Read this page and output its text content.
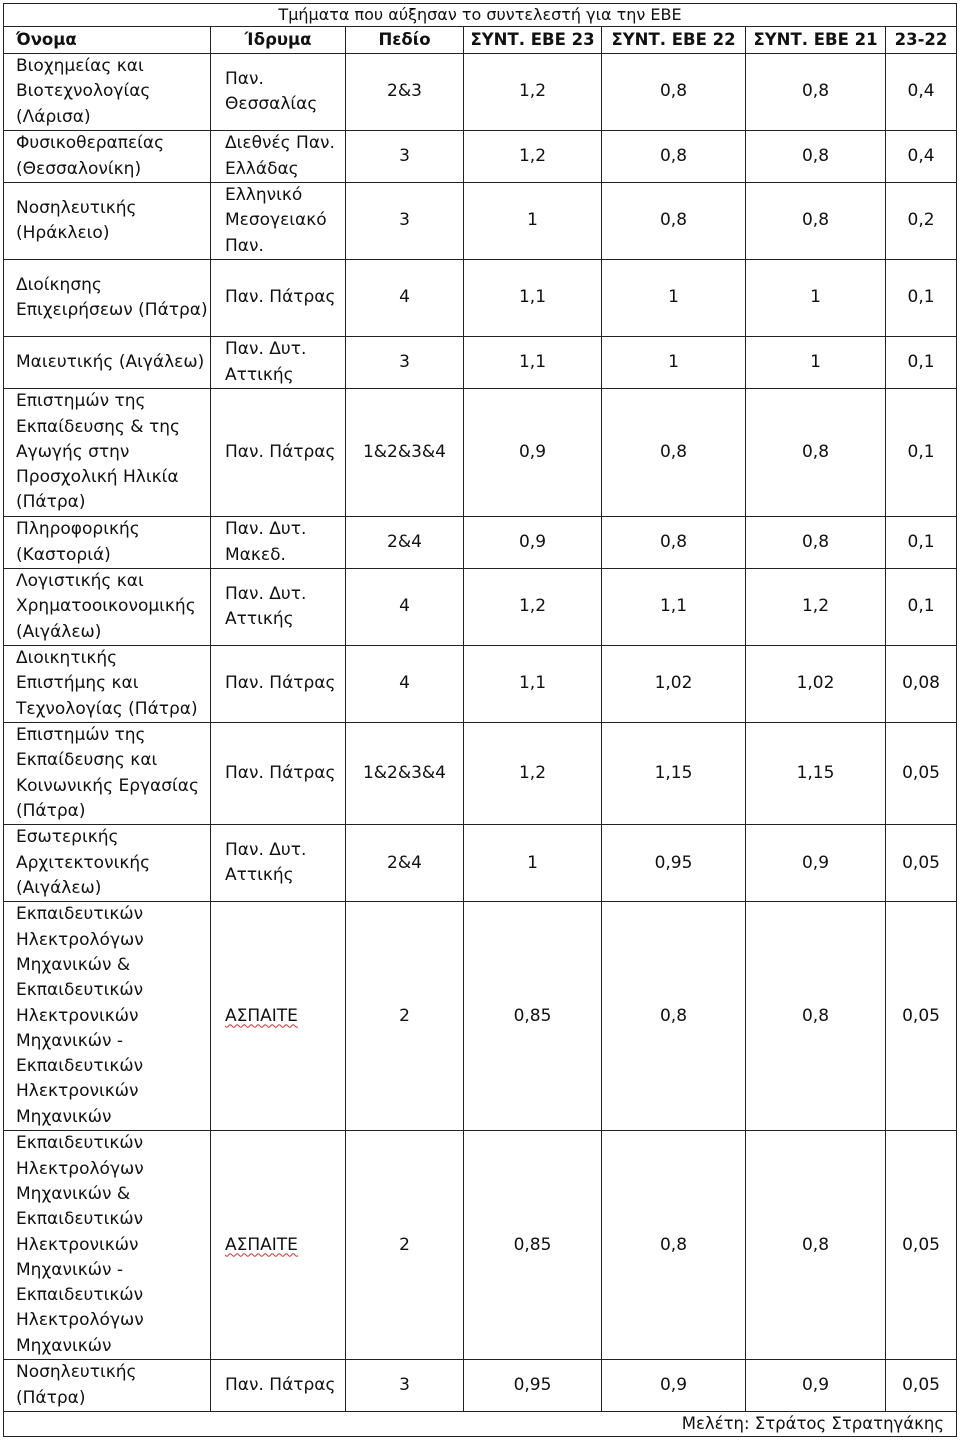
Τμήματα που αύξησαν το συντελεστή για την ΕΒΕ						
Όνομα	Ίδρυμα	Πεδίο	ΣΥΝΤ. ΕΒΕ 23	ΣΥΝΤ. ΕΒΕ 22	ΣΥΝΤ. ΕΒΕ 21	23-22
Βιοχημείας και Βιοτεχνολογίας (Λάρισα)	Παν. Θεσσαλίας	2&3	1,2	0,8	0,8	0,4
Φυσικοθεραπείας (Θεσσαλονίκη)	Διεθνές Παν. Ελλάδας	3	1,2	0,8	0,8	0,4
Νοσηλευτικής (Ηράκλειο)	Ελληνικό Μεσογειακό Παν.	3	1	0,8	0,8	0,2
Διοίκησης Επιχειρήσεων (Πάτρα)	Παν. Πάτρας	4	1,1	1	1	0,1
Μαιευτικής (Αιγάλεω)	Παν. Δυτ. Αττικής	3	1,1	1	1	0,1
Επιστημών της Εκπαίδευσης & της Αγωγής στην Προσχολική Ηλικία (Πάτρα)	Παν. Πάτρας	1&2&3&4	0,9	0,8	0,8	0,1
Πληροφορικής (Καστοριά)	Παν. Δυτ. Μακεδ.	2&4	0,9	0,8	0,8	0,1
Λογιστικής και Χρηματοοικονομικής (Αιγάλεω)	Παν. Δυτ. Αττικής	4	1,2	1,1	1,2	0,1
Διοικητικής Επιστήμης και Τεχνολογίας (Πάτρα)	Παν. Πάτρας	4	1,1	1,02	1,02	0,08
Επιστημών της Εκπαίδευσης και Κοινωνικής Εργασίας (Πάτρα)	Παν. Πάτρας	1&2&3&4	1,2	1,15	1,15	0,05
Εσωτερικής Αρχιτεκτονικής (Αιγάλεω)	Παν. Δυτ. Αττικής	2&4	1	0,95	0,9	0,05
Εκπαιδευτικών Ηλεκτρολόγων Μηχανικών & Εκπαιδευτικών Ηλεκτρονικών Μηχανικών - Εκπαιδευτικών Ηλεκτρονικών Μηχανικών	ΑΣΠΑΙΤΕ	2	0,85	0,8	0,8	0,05
Εκπαιδευτικών Ηλεκτρολόγων Μηχανικών & Εκπαιδευτικών Ηλεκτρονικών Μηχανικών - Εκπαιδευτικών Ηλεκτρολόγων Μηχανικών	ΑΣΠΑΙΤΕ	2	0,85	0,8	0,8	0,05
Νοσηλευτικής (Πάτρα)	Παν. Πάτρας	3	0,95	0,9	0,9	0,05
Μελέτη: Στράτος Στρατηγάκης						
